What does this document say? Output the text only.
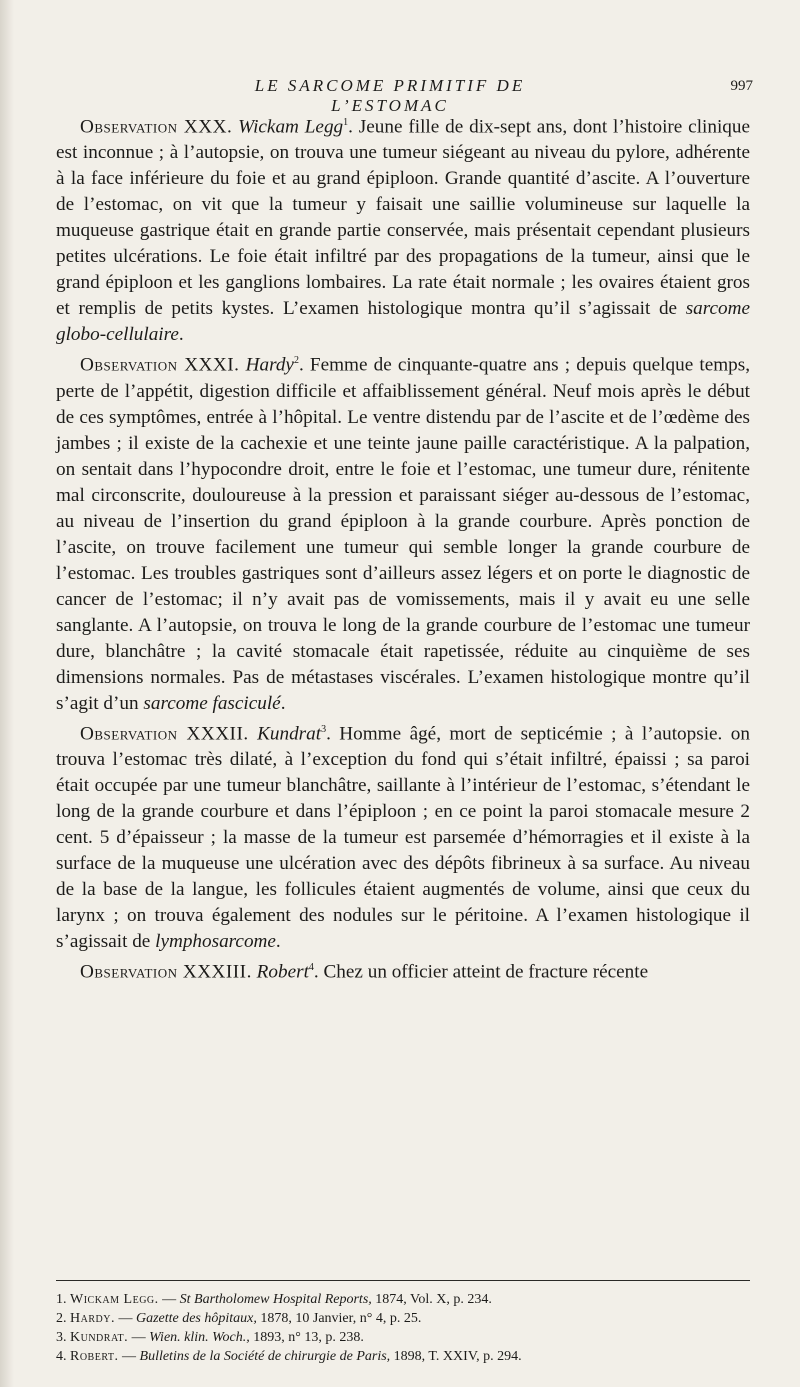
LE SARCOME PRIMITIF DE L’ESTOMAC
997

Observation XXX. Wickam Legg$^1$. Jeune fille de dix-sept ans, dont l’histoire clinique est inconnue ; à l’autopsie, on trouva une tumeur siégeant au niveau du pylore, adhérente à la face inférieure du foie et au grand épiploon. Grande quantité d’ascite. A l’ouverture de l’estomac, on vit que la tumeur y faisait une saillie volumineuse sur laquelle la muqueuse gastrique était en grande partie conservée, mais présentait cependant plusieurs petites ulcérations. Le foie était infiltré par des propagations de la tumeur, ainsi que le grand épiploon et les ganglions lombaires. La rate était normale ; les ovaires étaient gros et remplis de petits kystes. L’examen histologique montra qu’il s’agissait de sarcome globo-cellulaire.

Observation XXXI. Hardy$^2$. Femme de cinquante-quatre ans ; depuis quelque temps, perte de l’appétit, digestion difficile et affaiblissement général. Neuf mois après le début de ces symptômes, entrée à l’hôpital. Le ventre distendu par de l’ascite et de l’œdème des jambes ; il existe de la cachexie et une teinte jaune paille caractéristique. A la palpation, on sentait dans l’hypocondre droit, entre le foie et l’estomac, une tumeur dure, rénitente mal circonscrite, douloureuse à la pression et paraissant siéger au-dessous de l’estomac, au niveau de l’insertion du grand épiploon à la grande courbure. Après ponction de l’ascite, on trouve facilement une tumeur qui semble longer la grande courbure de l’estomac. Les troubles gastriques sont d’ailleurs assez légers et on porte le diagnostic de cancer de l’estomac; il n’y avait pas de vomissements, mais il y avait eu une selle sanglante. A l’autopsie, on trouva le long de la grande courbure de l’estomac une tumeur dure, blanchâtre ; la cavité stomacale était rapetissée, réduite au cinquième de ses dimensions normales. Pas de métastases viscérales. L’examen histologique montre qu’il s’agit d’un sarcome fasciculé.

Observation XXXII. Kundrat$^3$. Homme âgé, mort de septicémie ; à l’autopsie. on trouva l’estomac très dilaté, à l’exception du fond qui s’était infiltré, épaissi ; sa paroi était occupée par une tumeur blanchâtre, saillante à l’intérieur de l’estomac, s’étendant le long de la grande courbure et dans l’épiploon ; en ce point la paroi stomacale mesure 2 cent. 5 d’épaisseur ; la masse de la tumeur est parsemée d’hémorragies et il existe à la surface de la muqueuse une ulcération avec des dépôts fibrineux à sa surface. Au niveau de la base de la langue, les follicules étaient augmentés de volume, ainsi que ceux du larynx ; on trouva également des nodules sur le péritoine. A l’examen histologique il s’agissait de lymphosarcome.

Observation XXXIII. Robert$^4$. Chez un officier atteint de fracture récente

1. Wickam Legg. — St Bartholomew Hospital Reports, 1874, Vol. X, p. 234.

2. Hardy. — Gazette des hôpitaux, 1878, 10 Janvier, n° 4, p. 25.

3. Kundrat. — Wien. klin. Woch., 1893, n° 13, p. 238.

4. Robert. — Bulletins de la Société de chirurgie de Paris, 1898, T. XXIV, p. 294.
